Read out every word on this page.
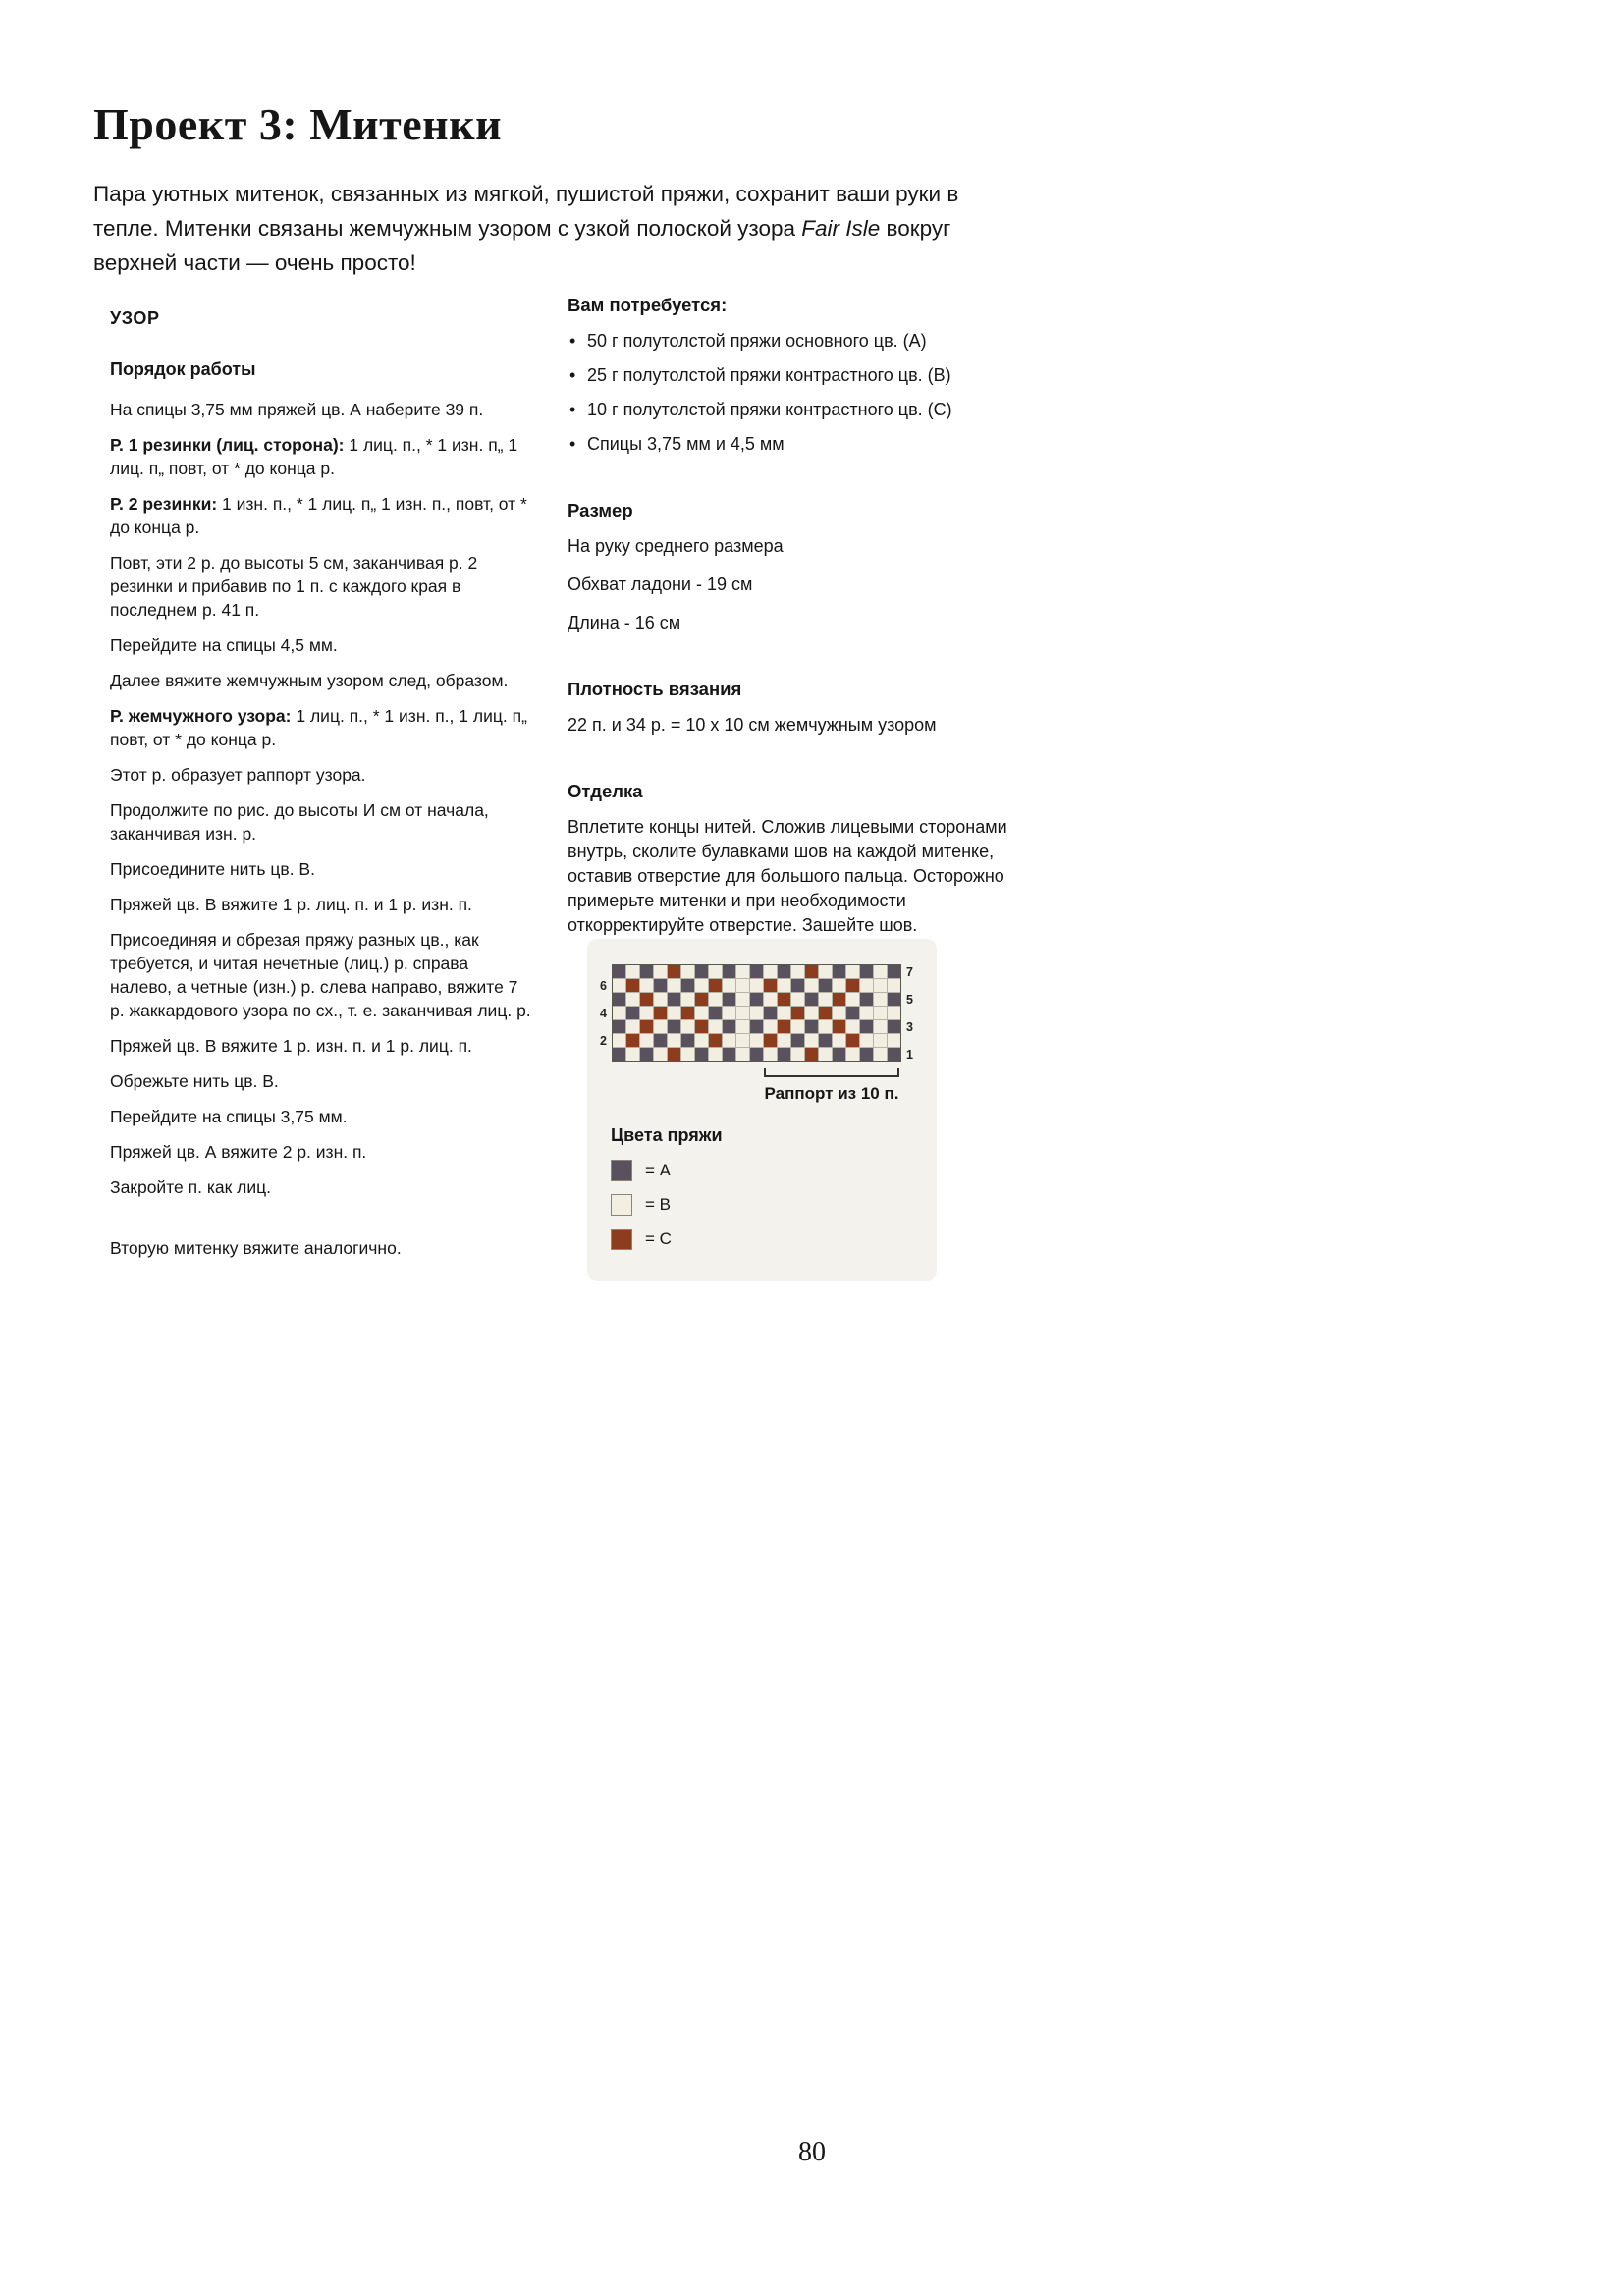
Проект 3: Митенки

Пара уютных митенок, связанных из мягкой, пушистой пряжи, сохранит ваши руки в тепле. Митенки связаны жемчужным узором с узкой полоской узора Fair Isle вокруг верхней части — очень просто!

УЗОР
Порядок работы

На спицы 3,75 мм пряжей цв. А наберите 39 п.

Р. 1 резинки (лиц. сторона): 1 лиц. п., * 1 изн. п„ 1 лиц. п„ повт, от * до конца р.

Р. 2 резинки: 1 изн. п., * 1 лиц. п„ 1 изн. п., повт, от * до конца р.

Повт, эти 2 р. до высоты 5 см, заканчивая р. 2 резинки и прибавив по 1 п. с каждого края в последнем р. 41 п.

Перейдите на спицы 4,5 мм.

Далее вяжите жемчужным узором след, образом.

Р. жемчужного узора: 1 лиц. п., * 1 изн. п., 1 лиц. п„ повт, от * до конца р.

Этот р. образует раппорт узора.

Продолжите по рис. до высоты И см от начала, заканчивая изн. р.

Присоедините нить цв. В.

Пряжей цв. В вяжите 1 р. лиц. п. и 1 р. изн. п.

Присоединяя и обрезая пряжу разных цв., как требуется, и читая нечетные (лиц.) р. справа налево, а четные (изн.) р. слева направо, вяжите 7 р. жаккардового узора по сх., т. е. заканчивая лиц. р.

Пряжей цв. В вяжите 1 р. изн. п. и 1 р. лиц. п.

Обрежьте нить цв. В.

Перейдите на спицы 3,75 мм.

Пряжей цв. А вяжите 2 р. изн. п.

Закройте п. как лиц.

Вторую митенку вяжите аналогично.

Вам потребуется:
• 50 г полутолстой пряжи основного цв. (А)
• 25 г полутолстой пряжи контрастного цв. (В)
• 10 г полутолстой пряжи контрастного цв. (С)
• Спицы 3,75 мм и 4,5 мм
Размер

На руку среднего размера

Обхват ладони - 19 см

Длина - 16 см

Плотность вязания

22 п. и 34 р. = 10 х 10 см жемчужным узором

Отделка

Вплетите концы нитей. Сложив лицевыми сторонами внутрь, сколите булавками шов на каждой митенке, оставив отверстие для большого пальца. Осторожно примерьте митенки и при необходимости откорректируйте отверстие. Зашейте шов.

6
4
2
7
5
3
1
Раппорт из 10 п.
Цвета пряжи
= А
= В
= С
80
